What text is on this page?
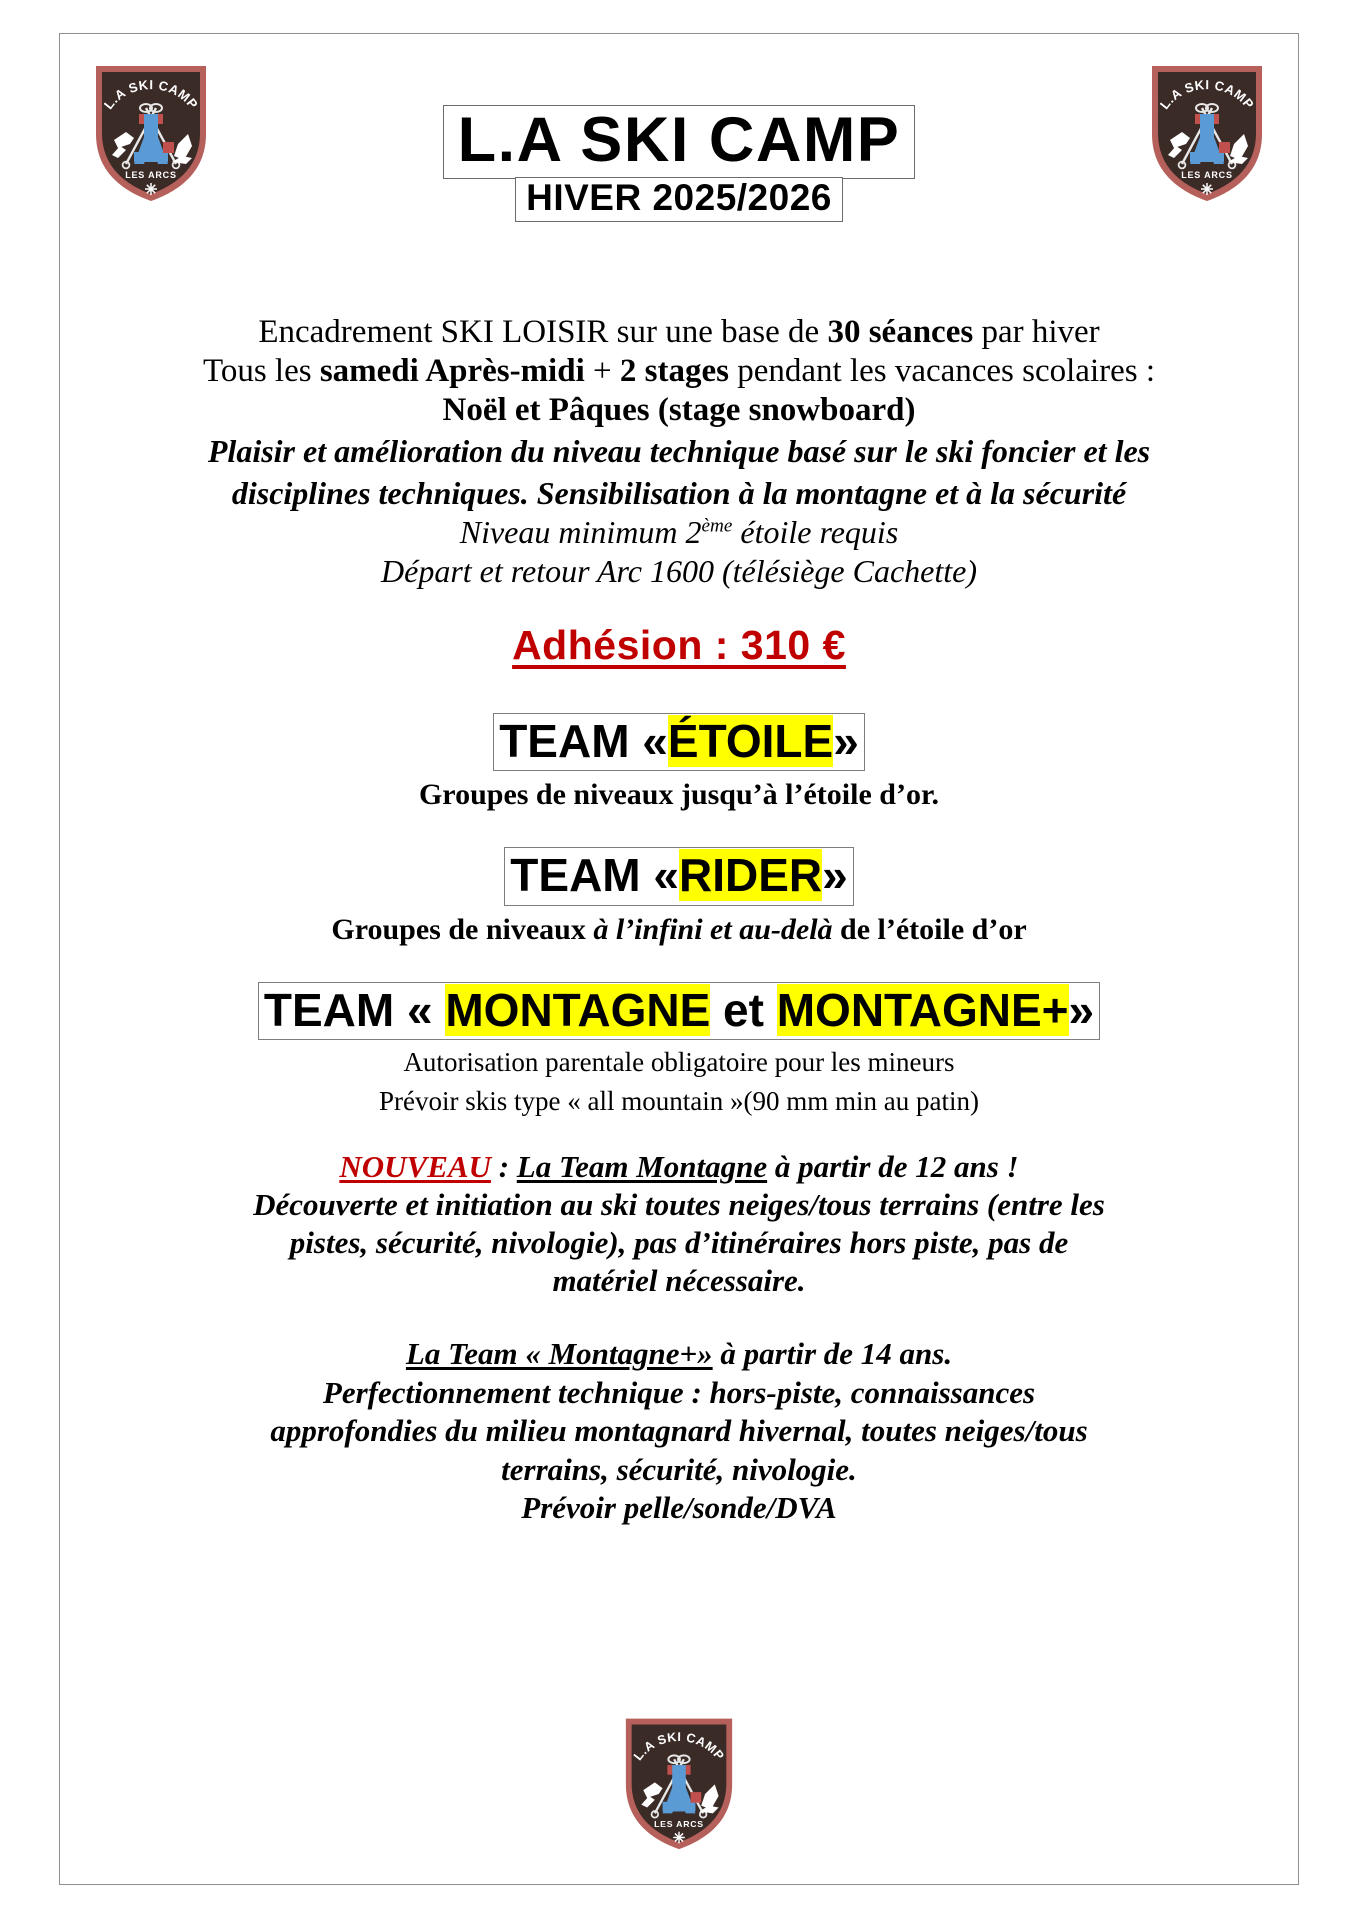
L.A SKI CAMP
LES ARCS
L.A SKI CAMP
LES ARCS
L.A SKI CAMP
HIVER 2025/2026
Encadrement SKI LOISIR sur une base de 30 séances par hiver
Tous les samedi Après-midi + 2 stages pendant les vacances scolaires :
Noël et Pâques (stage snowboard)
Plaisir et amélioration du niveau technique basé sur le ski foncier et les
disciplines techniques. Sensibilisation à la montagne et à la sécurité
Niveau minimum 2ème étoile requis
Départ et retour Arc 1600 (télésiège Cachette)
Adhésion : 310 €
TEAM «ÉTOILE»
Groupes de niveaux jusqu’à l’étoile d’or.
TEAM «RIDER»
Groupes de niveaux à l’infini et au-delà de l’étoile d’or
TEAM « MONTAGNE et MONTAGNE+»
Autorisation parentale obligatoire pour les mineurs
Prévoir skis type « all mountain »(90 mm min au patin)
NOUVEAU : La Team Montagne à partir de 12 ans !
Découverte et initiation au ski toutes neiges/tous terrains (entre les
pistes, sécurité, nivologie), pas d’itinéraires hors piste, pas de
matériel nécessaire.
La Team « Montagne+» à partir de 14 ans.
Perfectionnement technique : hors-piste, connaissances
approfondies du milieu montagnard hivernal, toutes neiges/tous
terrains, sécurité, nivologie.
Prévoir pelle/sonde/DVA
L.A SKI CAMP
LES ARCS
